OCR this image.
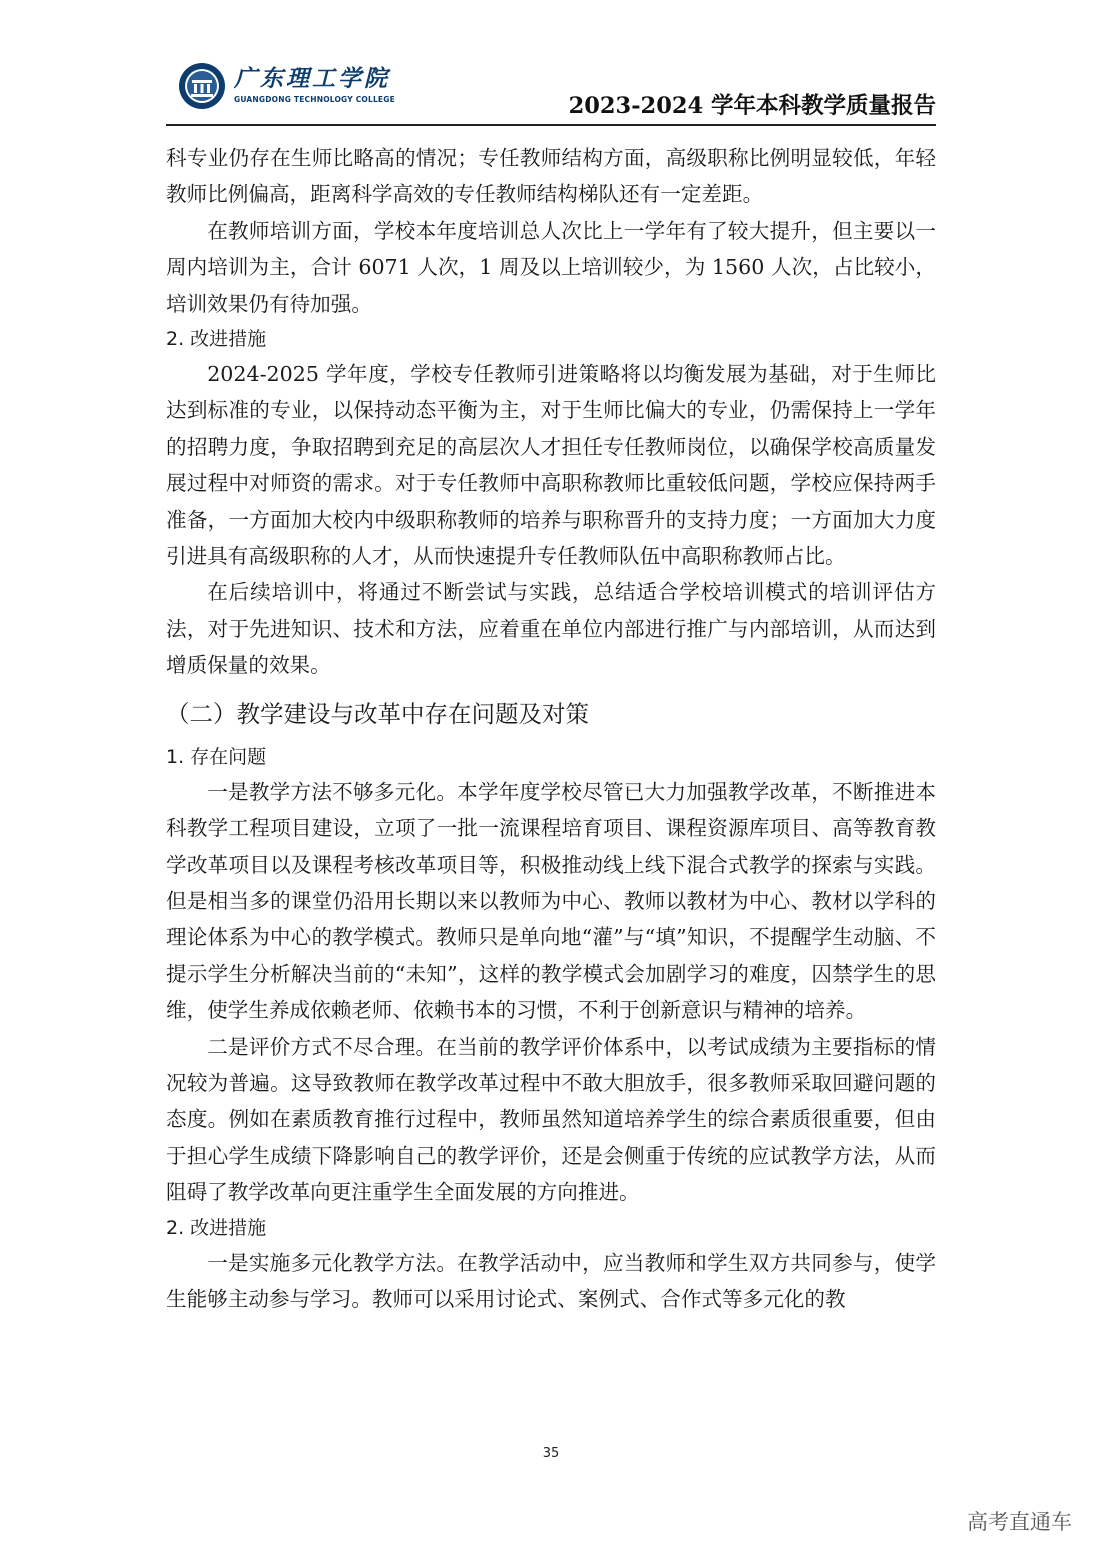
广东理工学院
GUANGDONG TECHNOLOGY COLLEGE	2023-2024 学年本科教学质量报告

科专业仍存在生师比略高的情况；专任教师结构方面，高级职称比例明显较低，年轻教师比例偏高，距离科学高效的专任教师结构梯队还有一定差距。

在教师培训方面，学校本年度培训总人次比上一学年有了较大提升，但主要以一周内培训为主，合计 6071 人次，1 周及以上培训较少，为 1560 人次，占比较小，培训效果仍有待加强。

2. 改进措施

2024-2025 学年度，学校专任教师引进策略将以均衡发展为基础，对于生师比达到标准的专业，以保持动态平衡为主，对于生师比偏大的专业，仍需保持上一学年的招聘力度，争取招聘到充足的高层次人才担任专任教师岗位，以确保学校高质量发展过程中对师资的需求。对于专任教师中高职称教师比重较低问题，学校应保持两手准备，一方面加大校内中级职称教师的培养与职称晋升的支持力度；一方面加大力度引进具有高级职称的人才，从而快速提升专任教师队伍中高职称教师占比。

在后续培训中，将通过不断尝试与实践，总结适合学校培训模式的培训评估方法，对于先进知识、技术和方法，应着重在单位内部进行推广与内部培训，从而达到增质保量的效果。

（二）教学建设与改革中存在问题及对策

1. 存在问题

一是教学方法不够多元化。本学年度学校尽管已大力加强教学改革，不断推进本科教学工程项目建设，立项了一批一流课程培育项目、课程资源库项目、高等教育教学改革项目以及课程考核改革项目等，积极推动线上线下混合式教学的探索与实践。但是相当多的课堂仍沿用长期以来以教师为中心、教师以教材为中心、教材以学科的理论体系为中心的教学模式。教师只是单向地“灌”与“填”知识，不提醒学生动脑、不提示学生分析解决当前的“未知”，这样的教学模式会加剧学习的难度，囚禁学生的思维，使学生养成依赖老师、依赖书本的习惯，不利于创新意识与精神的培养。

二是评价方式不尽合理。在当前的教学评价体系中，以考试成绩为主要指标的情况较为普遍。这导致教师在教学改革过程中不敢大胆放手，很多教师采取回避问题的态度。例如在素质教育推行过程中，教师虽然知道培养学生的综合素质很重要，但由于担心学生成绩下降影响自己的教学评价，还是会侧重于传统的应试教学方法，从而阻碍了教学改革向更注重学生全面发展的方向推进。

2. 改进措施

一是实施多元化教学方法。在教学活动中，应当教师和学生双方共同参与，使学生能够主动参与学习。教师可以采用讨论式、案例式、合作式等多元化的教

35
高考直通车
